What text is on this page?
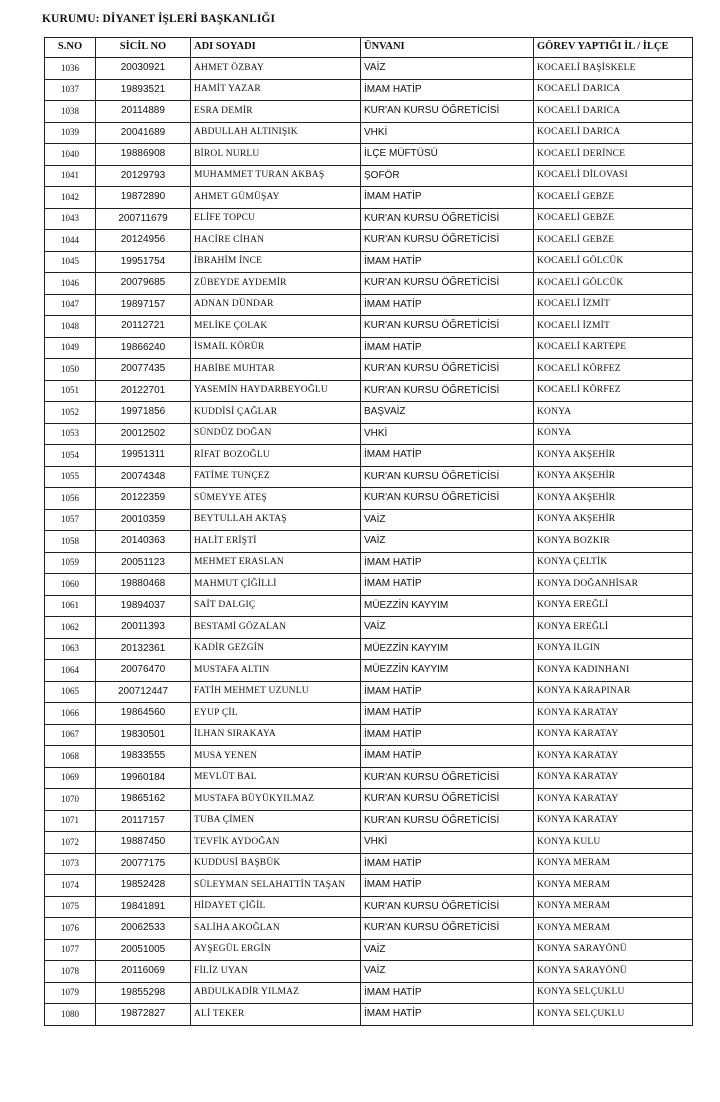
KURUMU: DİYANET İŞLERİ BAŞKANLIĞI
S.NO	SİCİL NO	ADI SOYADI	ÜNVANI	GÖREV YAPTIĞI İL / İLÇE
1036	20030921	AHMET ÖZBAY	VAİZ	KOCAELİ BAŞİSKELE
1037	19893521	HAMİT YAZAR	İMAM HATİP	KOCAELİ DARICA
1038	20114889	ESRA DEMİR	KUR'AN KURSU ÖĞRETİCİSİ	KOCAELİ DARICA
1039	20041689	ABDULLAH ALTINIŞIK	VHKİ	KOCAELİ DARICA
1040	19886908	BİROL NURLU	İLÇE MÜFTÜSÜ	KOCAELİ DERİNCE
1041	20129793	MUHAMMET TURAN AKBAŞ	ŞOFÖR	KOCAELİ DİLOVASI
1042	19872890	AHMET GÜMÜŞAY	İMAM HATİP	KOCAELİ GEBZE
1043	200711679	ELİFE TOPCU	KUR'AN KURSU ÖĞRETİCİSİ	KOCAELİ GEBZE
1044	20124956	HACİRE CİHAN	KUR'AN KURSU ÖĞRETİCİSİ	KOCAELİ GEBZE
1045	19951754	İBRAHİM İNCE	İMAM HATİP	KOCAELİ GÖLCÜK
1046	20079685	ZÜBEYDE AYDEMİR	KUR'AN KURSU ÖĞRETİCİSİ	KOCAELİ GÖLCÜK
1047	19897157	ADNAN DÜNDAR	İMAM HATİP	KOCAELİ İZMİT
1048	20112721	MELİKE ÇOLAK	KUR'AN KURSU ÖĞRETİCİSİ	KOCAELİ İZMİT
1049	19866240	İSMAİL KÖRÜR	İMAM HATİP	KOCAELİ KARTEPE
1050	20077435	HABİBE MUHTAR	KUR'AN KURSU ÖĞRETİCİSİ	KOCAELİ KÖRFEZ
1051	20122701	YASEMİN HAYDARBEYOĞLU	KUR'AN KURSU ÖĞRETİCİSİ	KOCAELİ KÖRFEZ
1052	19971856	KUDDİSİ ÇAĞLAR	BAŞVAİZ	KONYA
1053	20012502	SÜNDÜZ DOĞAN	VHKİ	KONYA
1054	19951311	RİFAT BOZOĞLU	İMAM HATİP	KONYA AKŞEHİR
1055	20074348	FATİME TUNÇEZ	KUR'AN KURSU ÖĞRETİCİSİ	KONYA AKŞEHİR
1056	20122359	SÜMEYYE ATEŞ	KUR'AN KURSU ÖĞRETİCİSİ	KONYA AKŞEHİR
1057	20010359	BEYTULLAH AKTAŞ	VAİZ	KONYA AKŞEHİR
1058	20140363	HALİT ERİŞTİ	VAİZ	KONYA BOZKIR
1059	20051123	MEHMET ERASLAN	İMAM HATİP	KONYA ÇELTİK
1060	19880468	MAHMUT ÇİĞİLLİ	İMAM HATİP	KONYA DOĞANHİSAR
1061	19894037	SAİT DALGIÇ	MÜEZZİN KAYYIM	KONYA EREĞLİ
1062	20011393	BESTAMİ GÖZALAN	VAİZ	KONYA EREĞLİ
1063	20132361	KADİR GEZGİN	MÜEZZİN KAYYIM	KONYA ILGIN
1064	20076470	MUSTAFA ALTIN	MÜEZZİN KAYYIM	KONYA KADINHANI
1065	200712447	FATİH MEHMET UZUNLU	İMAM HATİP	KONYA KARAPINAR
1066	19864560	EYUP ÇİL	İMAM HATİP	KONYA KARATAY
1067	19830501	İLHAN SIRAKAYA	İMAM HATİP	KONYA KARATAY
1068	19833555	MUSA YENEN	İMAM HATİP	KONYA KARATAY
1069	19960184	MEVLÜT BAL	KUR'AN KURSU ÖĞRETİCİSİ	KONYA KARATAY
1070	19865162	MUSTAFA BÜYÜKYILMAZ	KUR'AN KURSU ÖĞRETİCİSİ	KONYA KARATAY
1071	20117157	TUBA ÇİMEN	KUR'AN KURSU ÖĞRETİCİSİ	KONYA KARATAY
1072	19887450	TEVFİK AYDOĞAN	VHKİ	KONYA KULU
1073	20077175	KUDDUSİ BAŞBÜK	İMAM HATİP	KONYA MERAM
1074	19852428	SÜLEYMAN SELAHATTİN TAŞAN	İMAM HATİP	KONYA MERAM
1075	19841891	HİDAYET ÇİĞİL	KUR'AN KURSU ÖĞRETİCİSİ	KONYA MERAM
1076	20062533	SALİHA AKOĞLAN	KUR'AN KURSU ÖĞRETİCİSİ	KONYA MERAM
1077	20051005	AYŞEGÜL ERGİN	VAİZ	KONYA SARAYÖNÜ
1078	20116069	FİLİZ UYAN	VAİZ	KONYA SARAYÖNÜ
1079	19855298	ABDULKADİR YILMAZ	İMAM HATİP	KONYA SELÇUKLU
1080	19872827	ALİ TEKER	İMAM HATİP	KONYA SELÇUKLU
